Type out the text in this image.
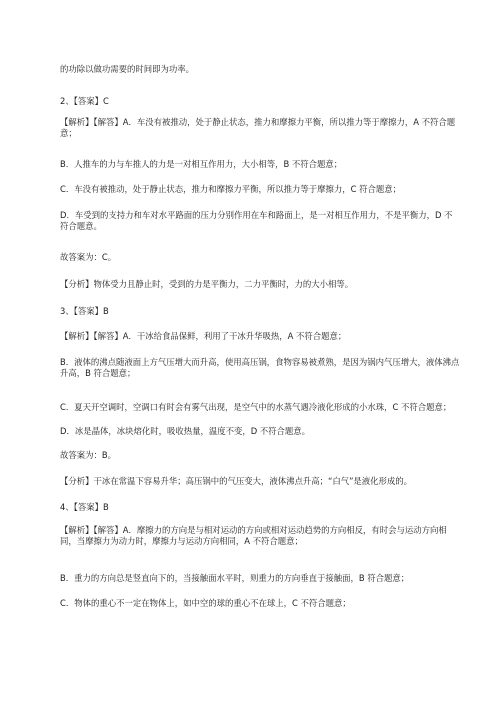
的功除以做功需要的时间即为功率。
2、【答案】C
【解析】【解答】A．车没有被推动，处于静止状态，推力和摩擦力平衡，所以推力等于摩擦力，A 不符合题意；
B．人推车的力与车推人的力是一对相互作用力，大小相等，B 不符合题意；
C．车没有被推动，处于静止状态，推力和摩擦力平衡，所以推力等于摩擦力，C 符合题意；
D．车受到的支持力和车对水平路面的压力分别作用在车和路面上，是一对相互作用力，不是平衡力，D 不符合题意。
故答案为：C。
【分析】物体受力且静止时，受到的力是平衡力，二力平衡时，力的大小相等。
3、【答案】B
【解析】【解答】A．干冰给食品保鲜，利用了干冰升华吸热，A 不符合题意；
B．液体的沸点随液面上方气压增大而升高，使用高压锅，食物容易被煮熟，是因为锅内气压增大，液体沸点升高，B 符合题意；
C．夏天开空调时，空调口有时会有雾气出现，是空气中的水蒸气遇冷液化形成的小水珠，C 不符合题意；
D．冰是晶体，冰块熔化时，吸收热量，温度不变，D 不符合题意。
故答案为：B。
【分析】干冰在常温下容易升华；高压锅中的气压变大，液体沸点升高；“白气”是液化形成的。
4、【答案】B
【解析】【解答】A．摩擦力的方向是与相对运动的方向或相对运动趋势的方向相反，有时会与运动方向相同，当摩擦力为动力时，摩擦力与运动方向相同，A 不符合题意；
B．重力的方向总是竖直向下的，当接触面水平时，则重力的方向垂直于接触面，B 符合题意；
C．物体的重心不一定在物体上，如中空的球的重心不在球上，C 不符合题意；
